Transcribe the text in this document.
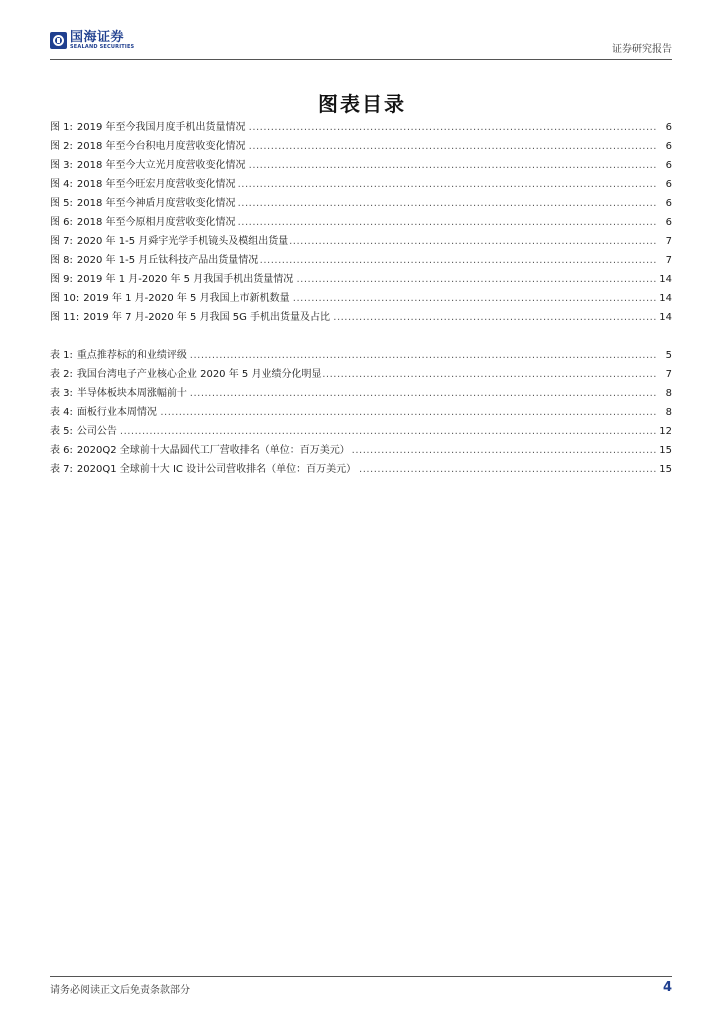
国海证券
SEALAND SECURITIES	证券研究报告
图表目录
.....
图 1: 2019 年至今我国月度手机出货量情况	6
.....
图 2: 2018 年至今台积电月度营收变化情况	6
.....
图 3: 2018 年至今大立光月度营收变化情况	6
.....
图 4: 2018 年至今旺宏月度营收变化情况	6
.....
图 5: 2018 年至今神盾月度营收变化情况	6
.....
图 6: 2018 年至今原相月度营收变化情况	6
.....
图 7: 2020 年 1-5 月舜宇光学手机镜头及模组出货量	7
.....
图 8: 2020 年 1-5 月丘钛科技产品出货量情况	7
.....
图 9: 2019 年 1 月-2020 年 5 月我国手机出货量情况	14
.....
图 10: 2019 年 1 月-2020 年 5 月我国上市新机数量	14
.....
图 11: 2019 年 7 月-2020 年 5 月我国 5G 手机出货量及占比	14
.....
表 1: 重点推荐标的和业绩评级	5
.....
表 2: 我国台湾电子产业核心企业 2020 年 5 月业绩分化明显	7
.....
表 3: 半导体板块本周涨幅前十	8
.....
表 4: 面板行业本周情况	8
.....
表 5: 公司公告	12
.....
表 6: 2020Q2 全球前十大晶圆代工厂营收排名（单位：百万美元）	15
.....
表 7: 2020Q1 全球前十大 IC 设计公司营收排名（单位：百万美元）	15
请务必阅读正文后免责条款部分	4
